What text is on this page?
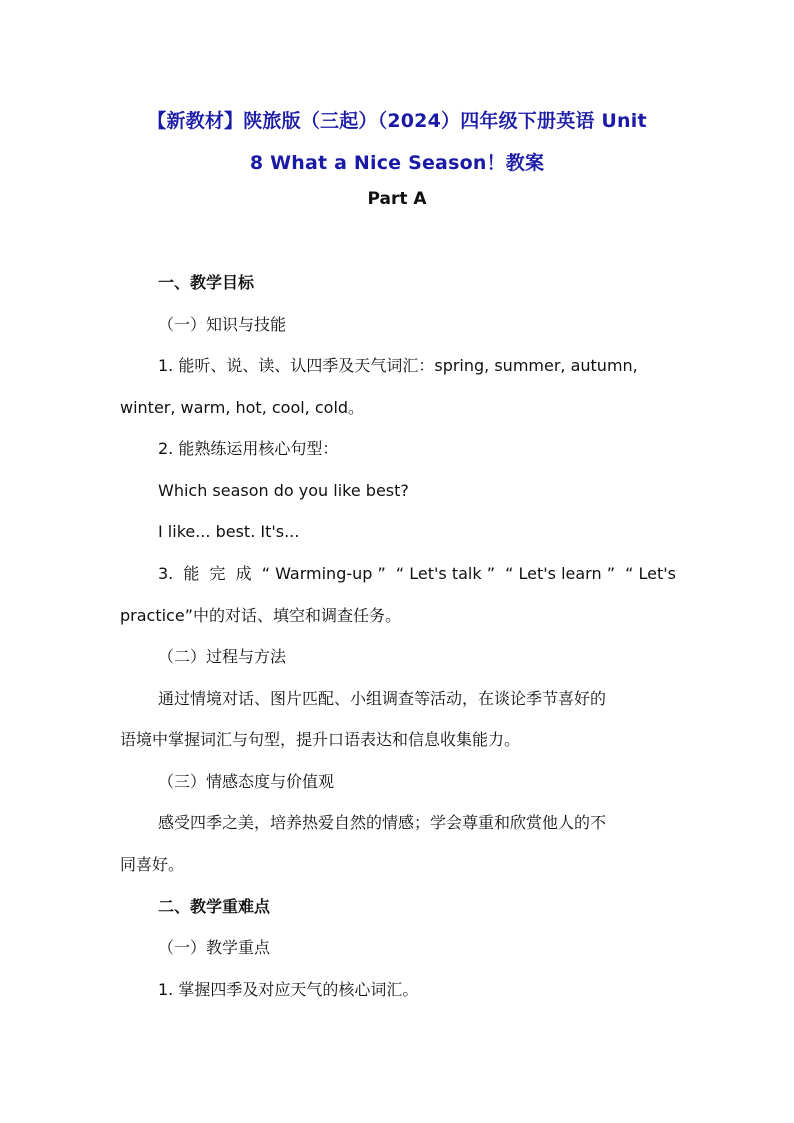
【新教材】陕旅版（三起）（2024）四年级下册英语 Unit
8 What a Nice Season！教案
Part A
一、教学目标
（一）知识与技能
1. 能听、说、读、认四季及天气词汇：spring, summer, autumn,
winter, warm, hot, cool, cold。
2. 能熟练运用核心句型：
Which season do you like best?
I like... best. It's...
3. 能 完 成 “ Warming-up ” “ Let's talk ” “ Let's learn ” “ Let's
practice”中的对话、填空和调查任务。
（二）过程与方法
通过情境对话、图片匹配、小组调查等活动，在谈论季节喜好的
语境中掌握词汇与句型，提升口语表达和信息收集能力。
（三）情感态度与价值观
感受四季之美，培养热爱自然的情感；学会尊重和欣赏他人的不
同喜好。
二、教学重难点
（一）教学重点
1. 掌握四季及对应天气的核心词汇。
